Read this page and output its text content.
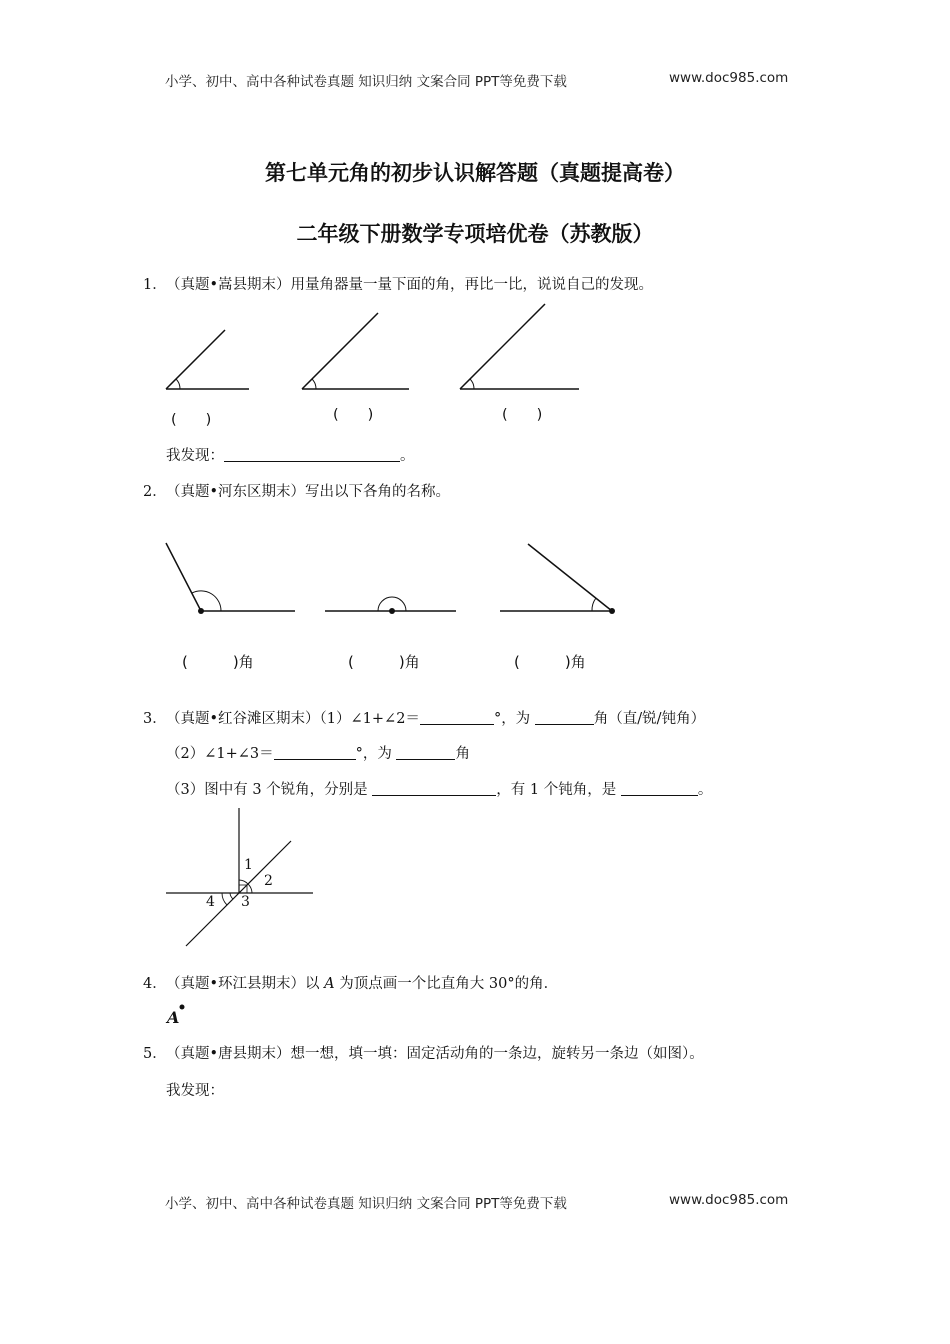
小学、初中、高中各种试卷真题 知识归纳 文案合同 PPT等免费下载	www.doc985.com
第七单元角的初步认识解答题（真题提高卷）
二年级下册数学专项培优卷（苏教版）
1． （真题•嵩县期末）用量角器量一量下面的角，再比一比，说说自己的发现。
(　　)	(　　)	(　　)
我发现：	。
2． （真题•河东区期末）写出以下各角的名称。
(　　　)角	(　　　)角	(　　　)角
3． （真题•红谷滩区期末）（1）∠1+∠2＝	°，为	角（直/锐/钝角）
（2）∠1+∠3＝	°，为	角
（3）图中有 3 个锐角，分别是	，有 1 个钝角，是	。
1
2
3
4
4． （真题•环江县期末）以 A 为顶点画一个比直角大 30°的角．
A
5． （真题•唐县期末）想一想，填一填：固定活动角的一条边，旋转另一条边（如图）。
我发现：
小学、初中、高中各种试卷真题 知识归纳 文案合同 PPT等免费下载	www.doc985.com
